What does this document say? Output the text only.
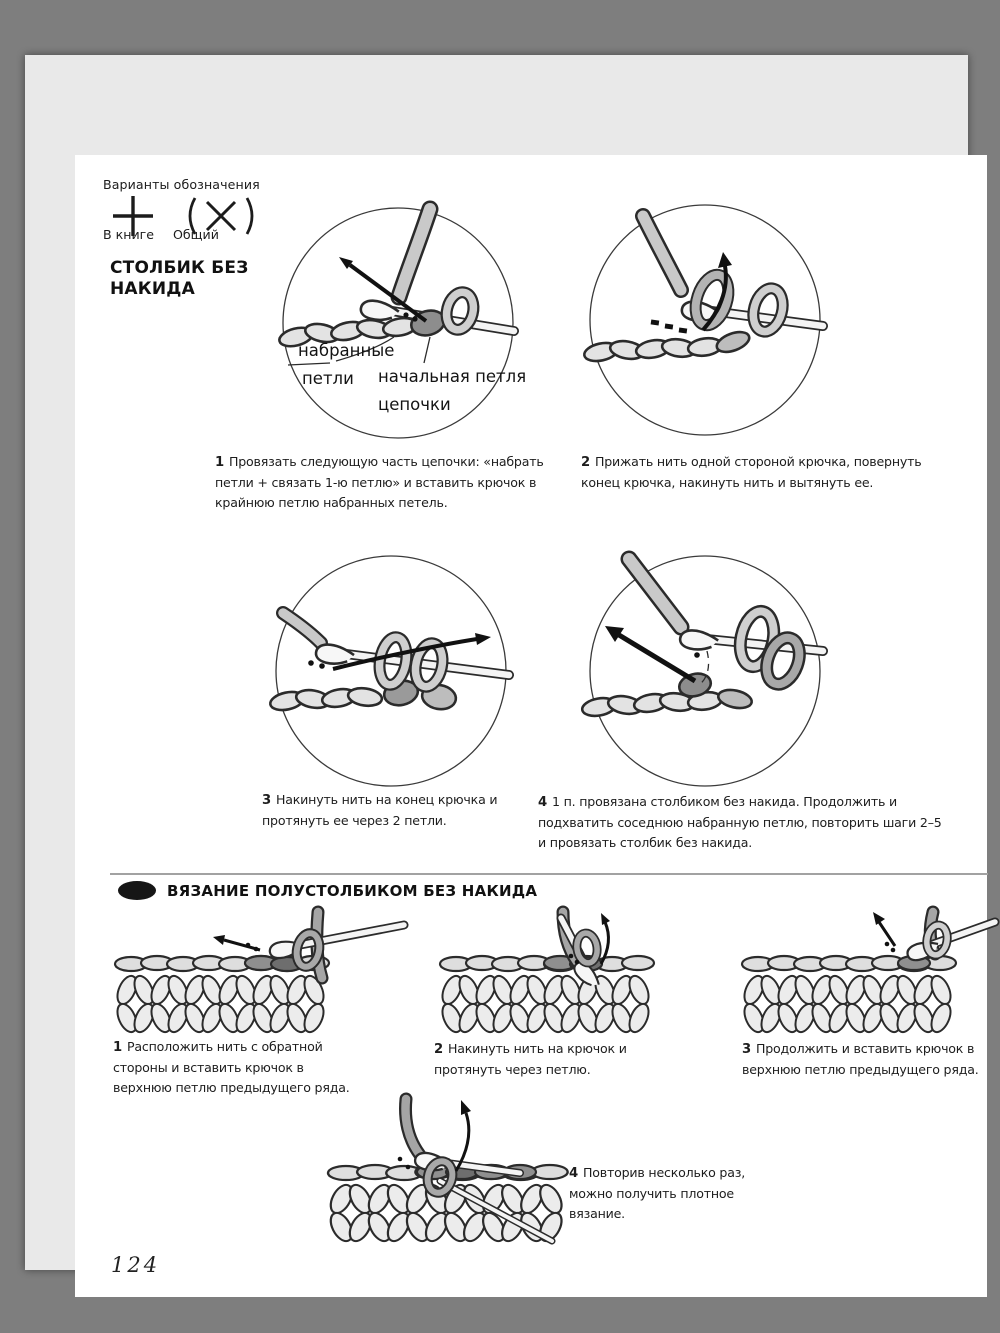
Варианты обозначения
В книге Общий
СТОЛБИК БЕЗ
НАКИДА
набранные
петли начальная петля
цепочки

1 Провязать следующую часть цепочки: «набрать петли + связать 1-ю петлю» и вставить крючок в крайнюю петлю набранных петель.

2 Прижать нить одной стороной крючка, повернуть конец крючка, накинуть нить и вытянуть ее.

3 Накинуть нить на конец крючка и протянуть ее через 2 петли.

4 1 п. провязана столбиком без накида. Продолжить и подхватить соседнюю набранную петлю, повторить шаги 2–5 и провязать столбик без накида.

ВЯЗАНИЕ ПОЛУСТОЛБИКОМ БЕЗ НАКИДА

1 Расположить нить с обратной стороны и вставить крючок в верхнюю петлю предыдущего ряда.

2 Накинуть нить на крючок и протянуть через петлю.

3 Продолжить и вставить крючок в верхнюю петлю предыдущего ряда.

4 Повторив несколько раз, можно получить плотное вязание.

124
